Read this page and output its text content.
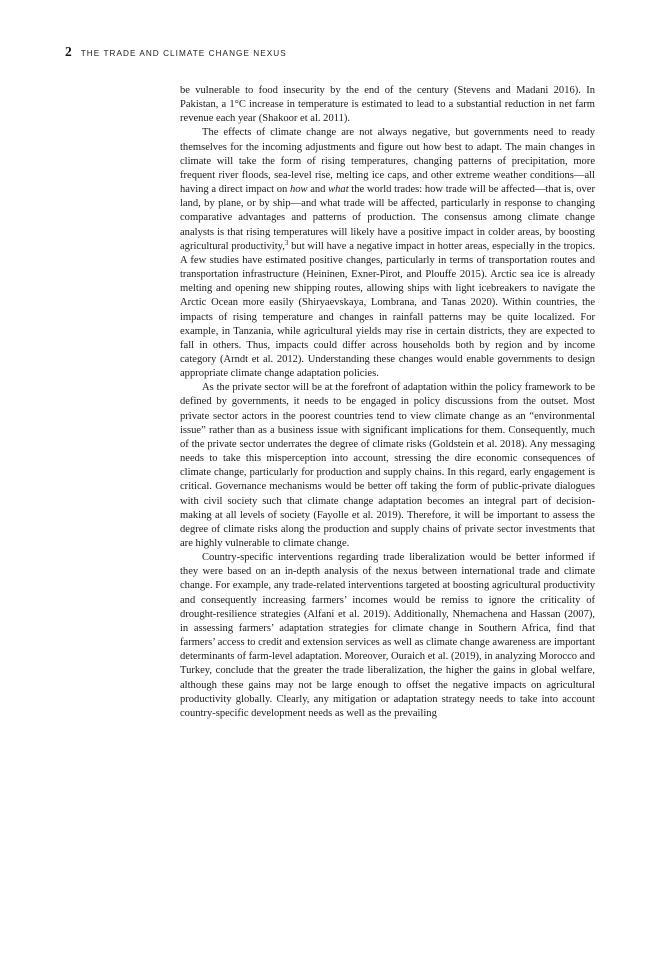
2 THE TRADE AND CLIMATE CHANGE NEXUS

be vulnerable to food insecurity by the end of the century (Stevens and Madani 2016). In Pakistan, a 1°C increase in temperature is estimated to lead to a substantial reduction in net farm revenue each year (Shakoor et al. 2011).

The effects of climate change are not always negative, but governments need to ready themselves for the incoming adjustments and figure out how best to adapt. The main changes in climate will take the form of rising temperatures, changing patterns of precipitation, more frequent river floods, sea-level rise, melting ice caps, and other extreme weather conditions—all having a direct impact on how and what the world trades: how trade will be affected—that is, over land, by plane, or by ship—and what trade will be affected, particularly in response to changing comparative advantages and patterns of production. The consensus among climate change analysts is that rising temperatures will likely have a positive impact in colder areas, by boosting agricultural productivity,$^3$ but will have a negative impact in hotter areas, especially in the tropics. A few studies have estimated positive changes, particularly in terms of transportation routes and transportation infrastructure (Heininen, Exner-Pirot, and Plouffe 2015). Arctic sea ice is already melting and opening new shipping routes, allowing ships with light icebreakers to navigate the Arctic Ocean more easily (Shiryaevskaya, Lombrana, and Tanas 2020). Within countries, the impacts of rising temperature and changes in rainfall patterns may be quite localized. For example, in Tanzania, while agricultural yields may rise in certain districts, they are expected to fall in others. Thus, impacts could differ across households both by region and by income category (Arndt et al. 2012). Understanding these changes would enable governments to design appropriate climate change adaptation policies.

As the private sector will be at the forefront of adaptation within the policy framework to be defined by governments, it needs to be engaged in policy discussions from the outset. Most private sector actors in the poorest countries tend to view climate change as an “environmental issue” rather than as a business issue with significant implications for them. Consequently, much of the private sector underrates the degree of climate risks (Goldstein et al. 2018). Any messaging needs to take this misperception into account, stressing the dire economic consequences of climate change, particularly for production and supply chains. In this regard, early engagement is critical. Governance mechanisms would be better off taking the form of public-private dialogues with civil society such that climate change adaptation becomes an integral part of decision-making at all levels of society (Fayolle et al. 2019). Therefore, it will be important to assess the degree of climate risks along the production and supply chains of private sector investments that are highly vulnerable to climate change.

Country-specific interventions regarding trade liberalization would be better informed if they were based on an in-depth analysis of the nexus between international trade and climate change. For example, any trade-related interventions targeted at boosting agricultural productivity and consequently increasing farmers’ incomes would be remiss to ignore the criticality of drought-resilience strategies (Alfani et al. 2019). Additionally, Nhemachena and Hassan (2007), in assessing farmers’ adaptation strategies for climate change in Southern Africa, find that farmers’ access to credit and extension services as well as climate change awareness are important determinants of farm-level adaptation. Moreover, Ouraich et al. (2019), in analyzing Morocco and Turkey, conclude that the greater the trade liberalization, the higher the gains in global welfare, although these gains may not be large enough to offset the negative impacts on agricultural productivity globally. Clearly, any mitigation or adaptation strategy needs to take into account country-specific development needs as well as the prevailing
